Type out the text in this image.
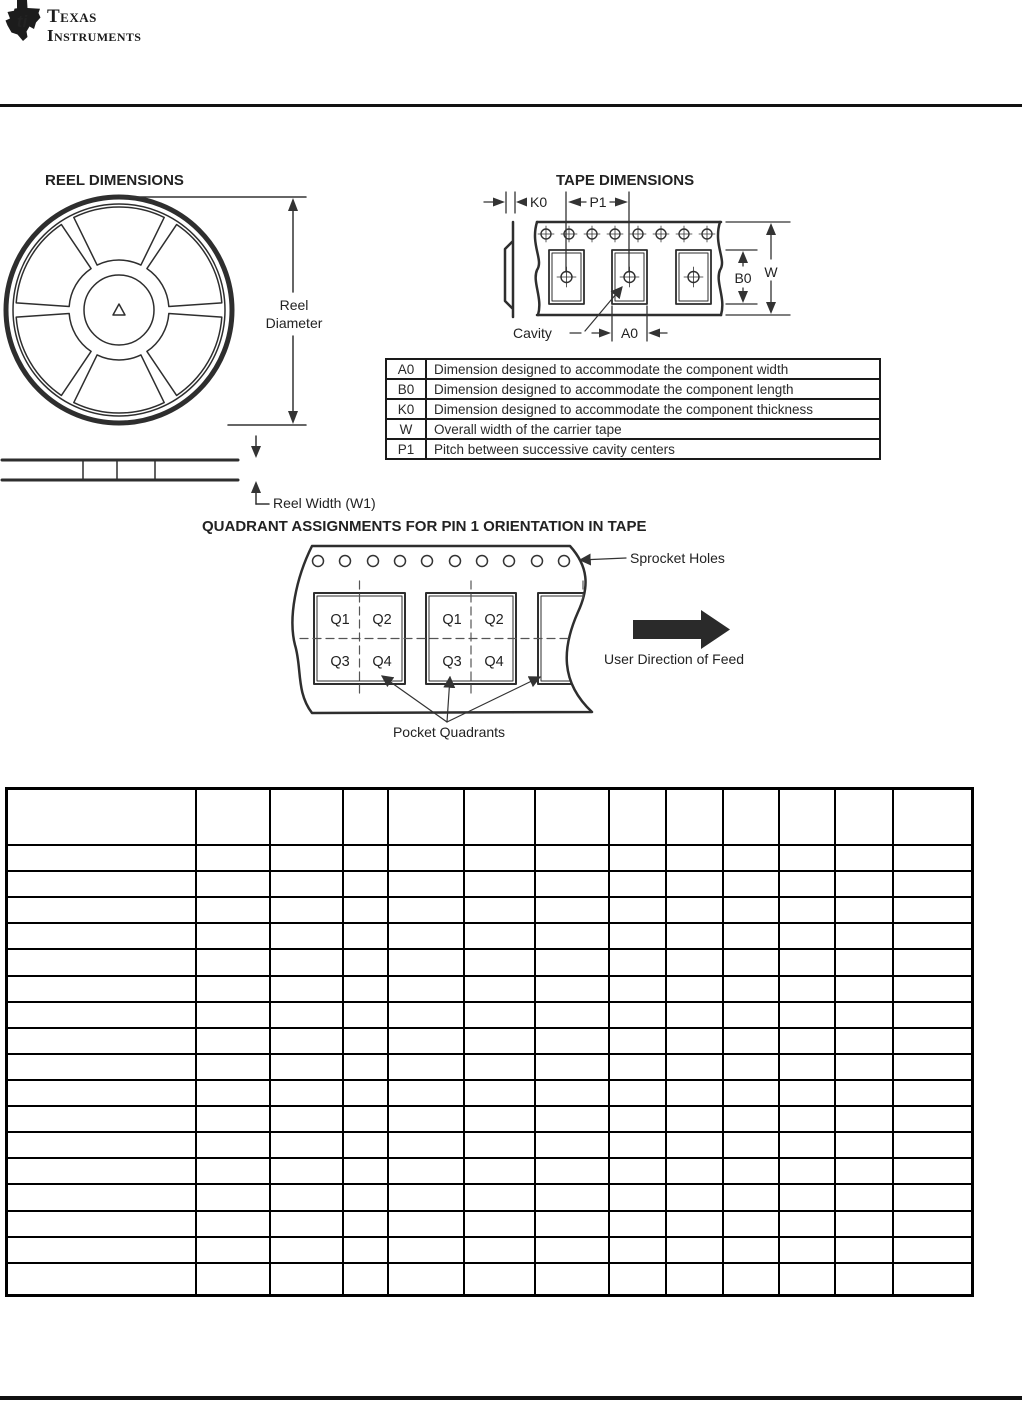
ti Texas
Instruments
REEL DIMENSIONS
Reel
Diameter
Reel Width (W1)
TAPE DIMENSIONS
K0	P1
Cavity	A0
B0 W
QUADRANT ASSIGNMENTS FOR PIN 1 ORIENTATION IN TAPE
Q1 Q2
Q3 Q4
Q1 Q2
Q3 Q4
Sprocket Holes
User Direction of Feed
Pocket Quadrants
A0	Dimension designed to accommodate the component width
B0	Dimension designed to accommodate the component length
K0	Dimension designed to accommodate the component thickness
W	Overall width of the carrier tape
P1	Pitch between successive cavity centers
